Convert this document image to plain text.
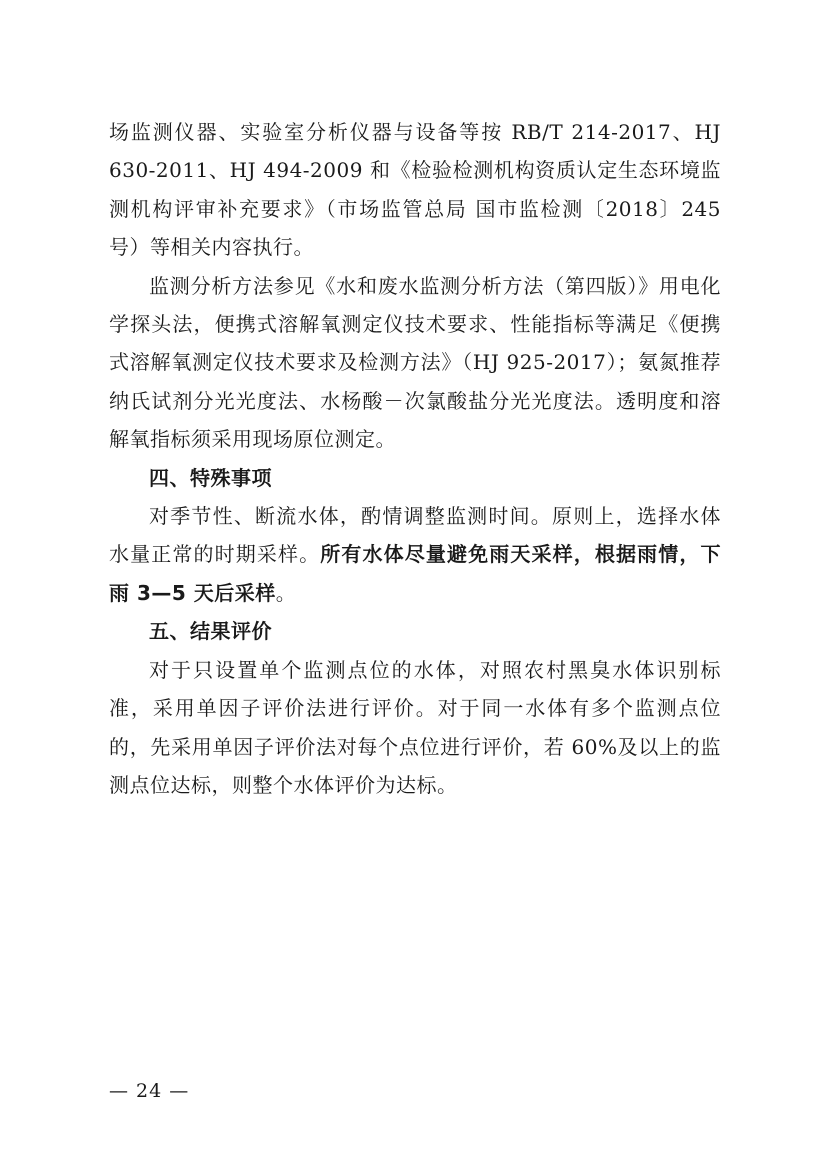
场监测仪器、实验室分析仪器与设备等按 RB/T 214-2017、HJ 630-2011、HJ 494-2009 和《检验检测机构资质认定生态环境监测机构评审补充要求》（市场监管总局 国市监检测〔2018〕245 号）等相关内容执行。

监测分析方法参见《水和废水监测分析方法（第四版）》用电化学探头法，便携式溶解氧测定仪技术要求、性能指标等满足《便携式溶解氧测定仪技术要求及检测方法》（HJ 925-2017）；氨氮推荐纳氏试剂分光光度法、水杨酸－次氯酸盐分光光度法。透明度和溶解氧指标须采用现场原位测定。

四、特殊事项

对季节性、断流水体，酌情调整监测时间。原则上，选择水体水量正常的时期采样。所有水体尽量避免雨天采样，根据雨情，下雨 3—5 天后采样。

五、结果评价

对于只设置单个监测点位的水体，对照农村黑臭水体识别标准，采用单因子评价法进行评价。对于同一水体有多个监测点位的，先采用单因子评价法对每个点位进行评价，若 60%及以上的监测点位达标，则整个水体评价为达标。

— 24 —
